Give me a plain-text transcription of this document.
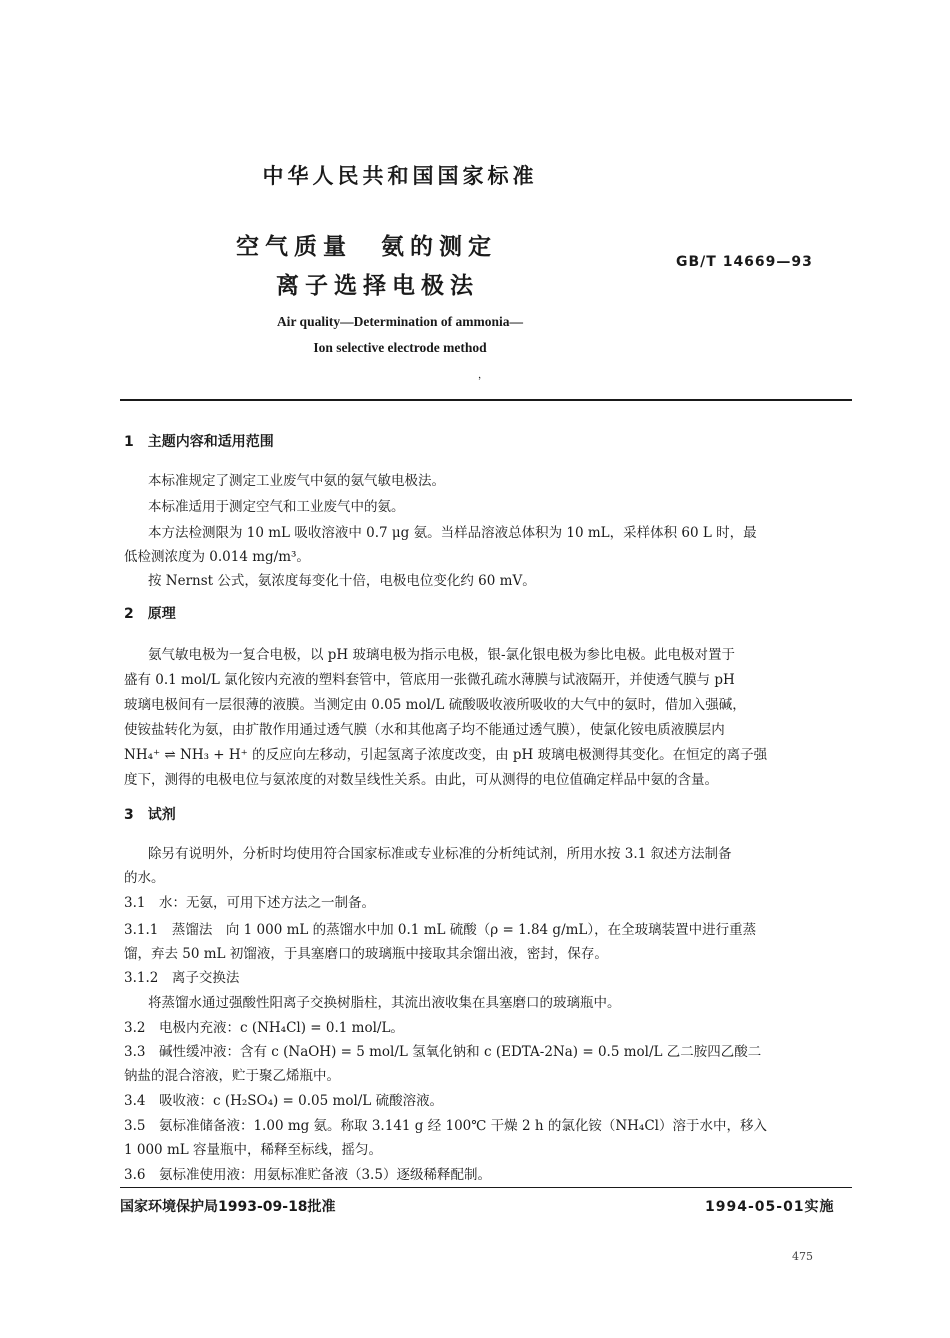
中华人民共和国国家标准
空气质量　氨的测定
离子选择电极法
GB/T 14669—93
Air quality—Determination of ammonia—
Ion selective electrode method
，
1　主题内容和适用范围
本标准规定了测定工业废气中氨的氨气敏电极法。
本标准适用于测定空气和工业废气中的氨。
本方法检测限为 10 mL 吸收溶液中 0.7 μg 氨。当样品溶液总体积为 10 mL，采样体积 60 L 时，最
低检测浓度为 0.014 mg/m³。
按 Nernst 公式，氨浓度每变化十倍，电极电位变化约 60 mV。
2　原理
氨气敏电极为一复合电极，以 pH 玻璃电极为指示电极，银-氯化银电极为参比电极。此电极对置于
盛有 0.1 mol/L 氯化铵内充液的塑料套管中，管底用一张微孔疏水薄膜与试液隔开，并使透气膜与 pH
玻璃电极间有一层很薄的液膜。当测定由 0.05 mol/L 硫酸吸收液所吸收的大气中的氨时，借加入强碱，
使铵盐转化为氨，由扩散作用通过透气膜（水和其他离子均不能通过透气膜），使氯化铵电质液膜层内
NH₄⁺ ⇌ NH₃ + H⁺ 的反应向左移动，引起氢离子浓度改变，由 pH 玻璃电极测得其变化。在恒定的离子强
度下，测得的电极电位与氨浓度的对数呈线性关系。由此，可从测得的电位值确定样品中氨的含量。
3　试剂
除另有说明外，分析时均使用符合国家标准或专业标准的分析纯试剂，所用水按 3.1 叙述方法制备
的水。
3.1　水：无氨，可用下述方法之一制备。
3.1.1　蒸馏法　向 1 000 mL 的蒸馏水中加 0.1 mL 硫酸（ρ = 1.84 g/mL），在全玻璃装置中进行重蒸
馏，弃去 50 mL 初馏液，于具塞磨口的玻璃瓶中接取其余馏出液，密封，保存。
3.1.2　离子交换法
将蒸馏水通过强酸性阳离子交换树脂柱，其流出液收集在具塞磨口的玻璃瓶中。
3.2　电极内充液：c (NH₄Cl) = 0.1 mol/L。
3.3　碱性缓冲液：含有 c (NaOH) = 5 mol/L 氢氧化钠和 c (EDTA-2Na) = 0.5 mol/L 乙二胺四乙酸二
钠盐的混合溶液，贮于聚乙烯瓶中。
3.4　吸收液：c (H₂SO₄) = 0.05 mol/L 硫酸溶液。
3.5　氨标准储备液：1.00 mg 氨。称取 3.141 g 经 100℃ 干燥 2 h 的氯化铵（NH₄Cl）溶于水中，移入
1 000 mL 容量瓶中，稀释至标线，摇匀。
3.6　氨标准使用液：用氨标准贮备液（3.5）逐级稀释配制。
国家环境保护局1993-09-18批准	1994-05-01实施
475
